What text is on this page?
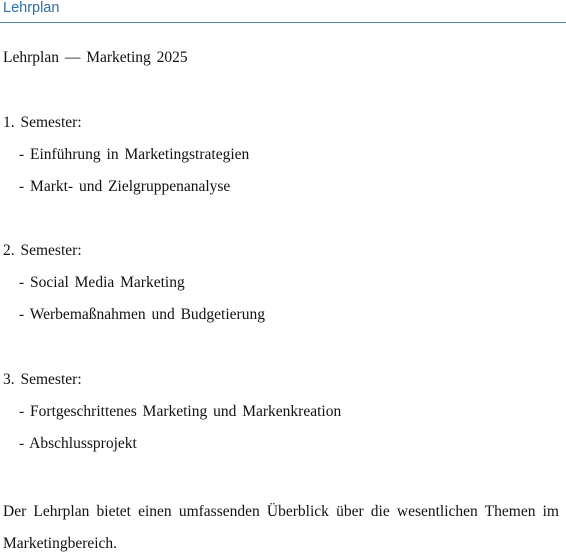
Lehrplan
Lehrplan — Marketing 2025
1. Semester:
- Einführung in Marketingstrategien
- Markt- und Zielgruppenanalyse
2. Semester:
- Social Media Marketing
- Werbemaßnahmen und Budgetierung
3. Semester:
- Fortgeschrittenes Marketing und Markenkreation
- Abschlussprojekt
Der Lehrplan bietet einen umfassenden Überblick über die wesentlichen Themen im Marketingbereich.
